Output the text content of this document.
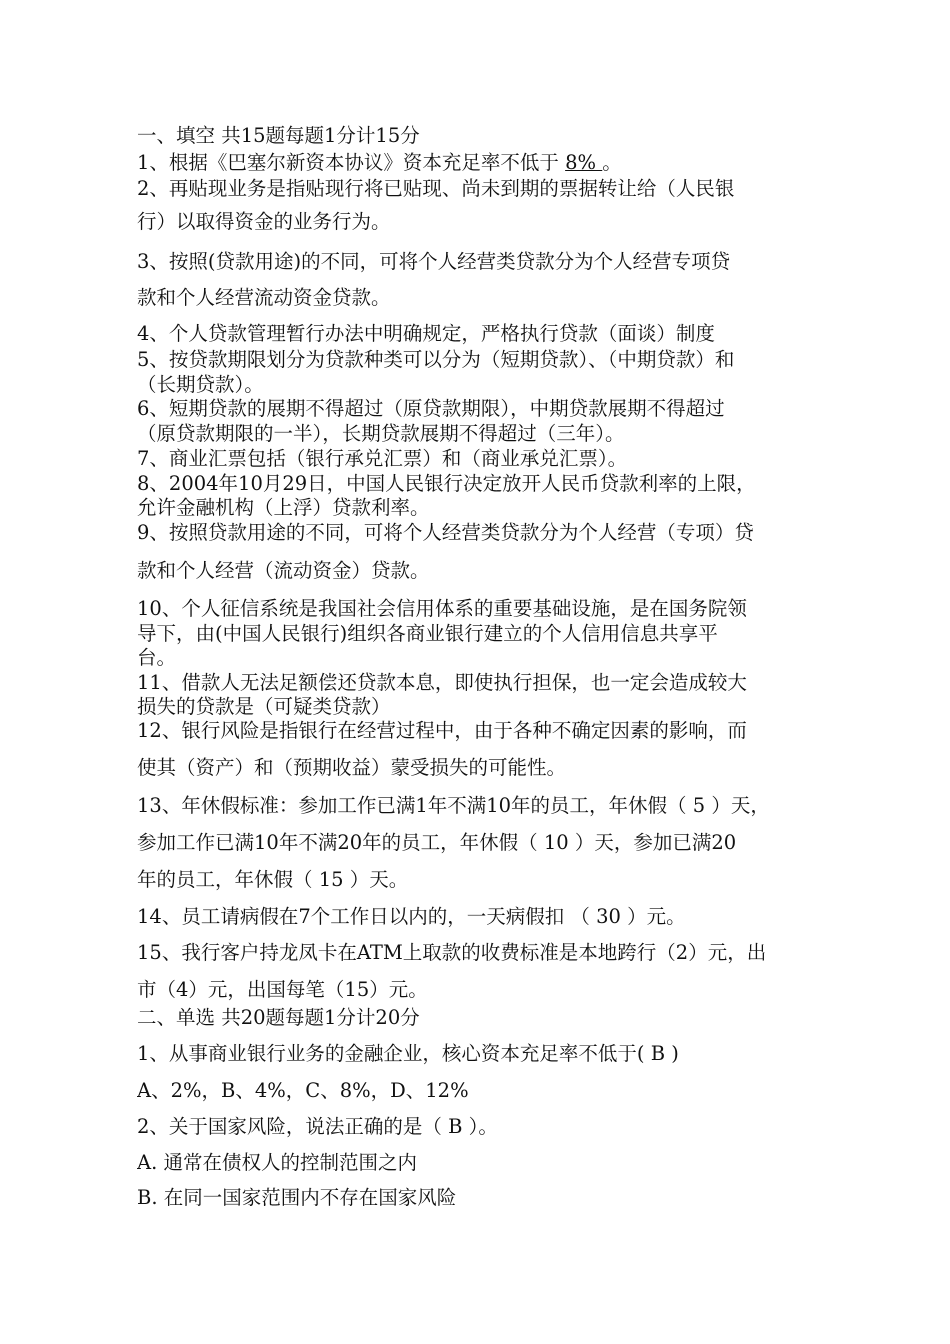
一、填空 共15题每题1分计15分
1、根据《巴塞尔新资本协议》资本充足率不低于 8% 。
2、再贴现业务是指贴现行将已贴现、尚未到期的票据转让给（人民银
行）以取得资金的业务行为。
3、按照(贷款用途)的不同，可将个人经营类贷款分为个人经营专项贷
款和个人经营流动资金贷款。
4、个人贷款管理暂行办法中明确规定，严格执行贷款（面谈）制度
5、按贷款期限划分为贷款种类可以分为（短期贷款）、（中期贷款）和
（长期贷款）。
6、短期贷款的展期不得超过（原贷款期限），中期贷款展期不得超过
（原贷款期限的一半），长期贷款展期不得超过（三年）。
7、商业汇票包括（银行承兑汇票）和（商业承兑汇票）。
8、2004年10月29日，中国人民银行决定放开人民币贷款利率的上限，
允许金融机构（上浮）贷款利率。
9、按照贷款用途的不同，可将个人经营类贷款分为个人经营（专项）贷
款和个人经营（流动资金）贷款。
10、个人征信系统是我国社会信用体系的重要基础设施，是在国务院领
导下，由(中国人民银行)组织各商业银行建立的个人信用信息共享平
台。
11、借款人无法足额偿还贷款本息，即使执行担保，也一定会造成较大
损失的贷款是（可疑类贷款）
12、银行风险是指银行在经营过程中，由于各种不确定因素的影响，而
使其（资产）和（预期收益）蒙受损失的可能性。
13、年休假标准：参加工作已满1年不满10年的员工，年休假（ 5 ）天，
参加工作已满10年不满20年的员工，年休假（ 10 ）天，参加已满20
年的员工，年休假（ 15 ）天。
14、员工请病假在7个工作日以内的，一天病假扣 （ 30 ）元。
15、我行客户持龙凤卡在ATM上取款的收费标准是本地跨行（2）元，出
市（4）元，出国每笔（15）元。
二、单选 共20题每题1分计20分
1、从事商业银行业务的金融企业，核心资本充足率不低于( B )
A、2%，B、4%，C、8%，D、12%
2、关于国家风险，说法正确的是（ B ）。
A. 通常在债权人的控制范围之内
B. 在同一国家范围内不存在国家风险
